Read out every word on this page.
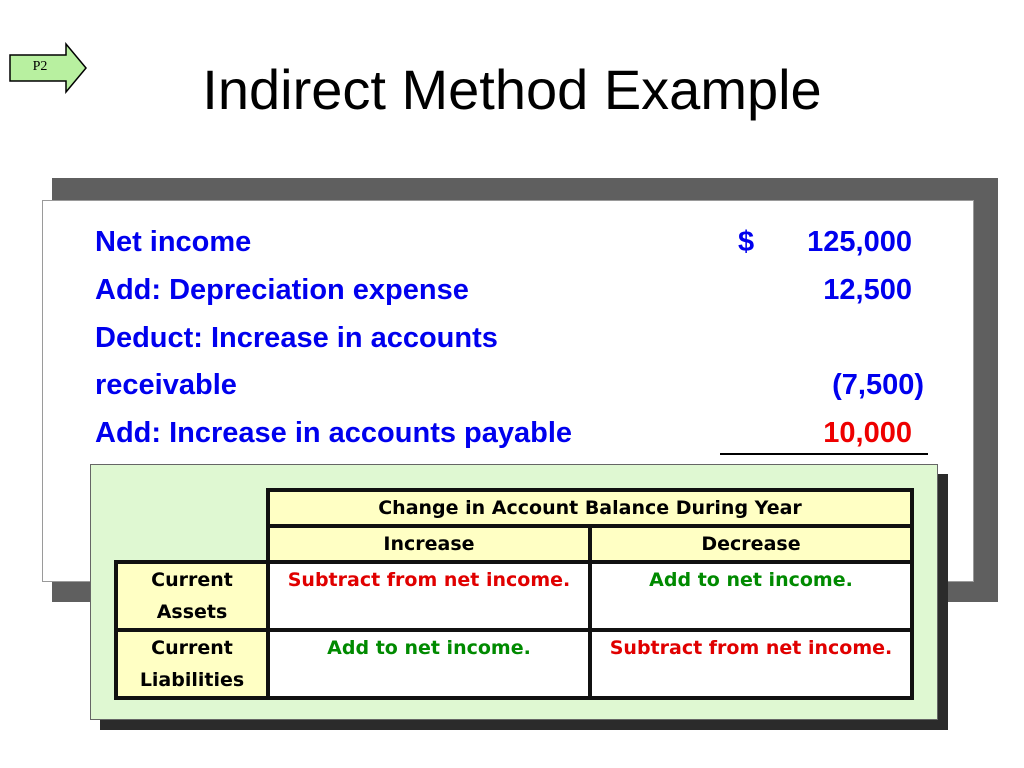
P2	Indirect Method Example
Net income	$ 125,000
Add: Depreciation expense	12,500
Deduct: Increase in accounts
receivable	(7,500)
Add: Increase in accounts payable	10,000
	Change in Account Balance During Year	
	Increase	Decrease
Current Assets	Subtract from net income.	Add to net income.
Current Liabilities	Add to net income.	Subtract from net income.
